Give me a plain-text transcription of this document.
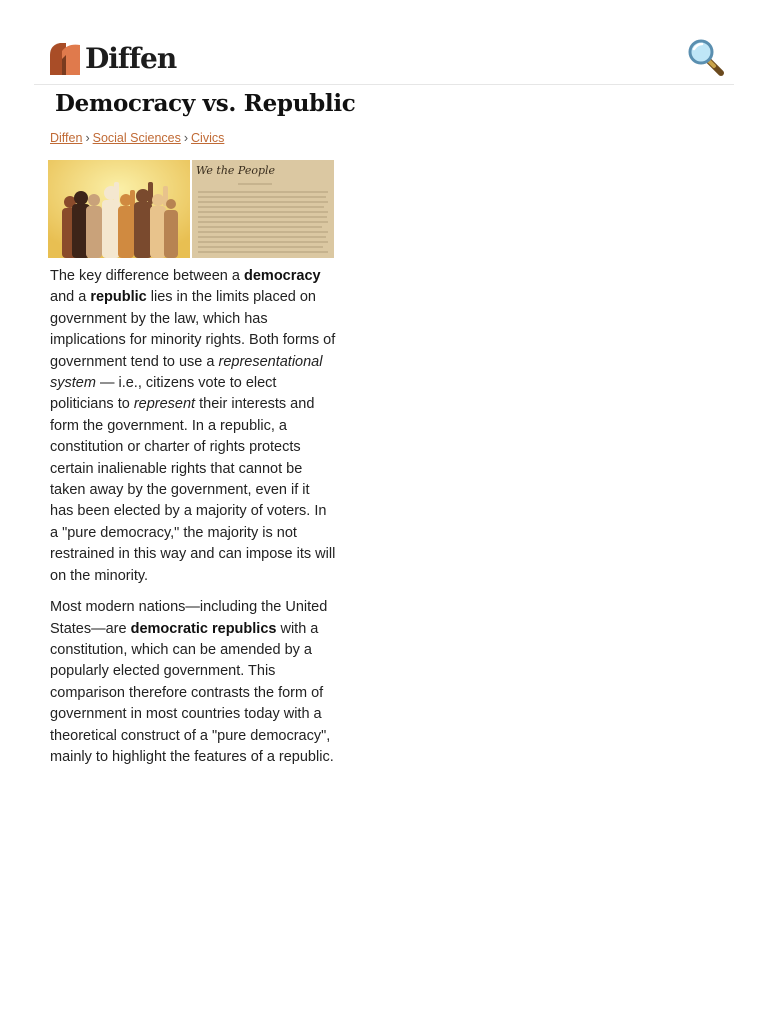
Diffen
Democracy vs. Republic
Diffen › Social Sciences › Civics
We the People

The key difference between a democracy and a republic lies in the limits placed on government by the law, which has implications for minority rights. Both forms of government tend to use a representational system — i.e., citizens vote to elect politicians to represent their interests and form the government. In a republic, a constitution or charter of rights protects certain inalienable rights that cannot be taken away by the government, even if it has been elected by a majority of voters. In a "pure democracy," the majority is not restrained in this way and can impose its will on the minority.

Most modern nations—including the United States—are democratic republics with a constitution, which can be amended by a popularly elected government. This comparison therefore contrasts the form of government in most countries today with a theoretical construct of a "pure democracy", mainly to highlight the features of a republic.
